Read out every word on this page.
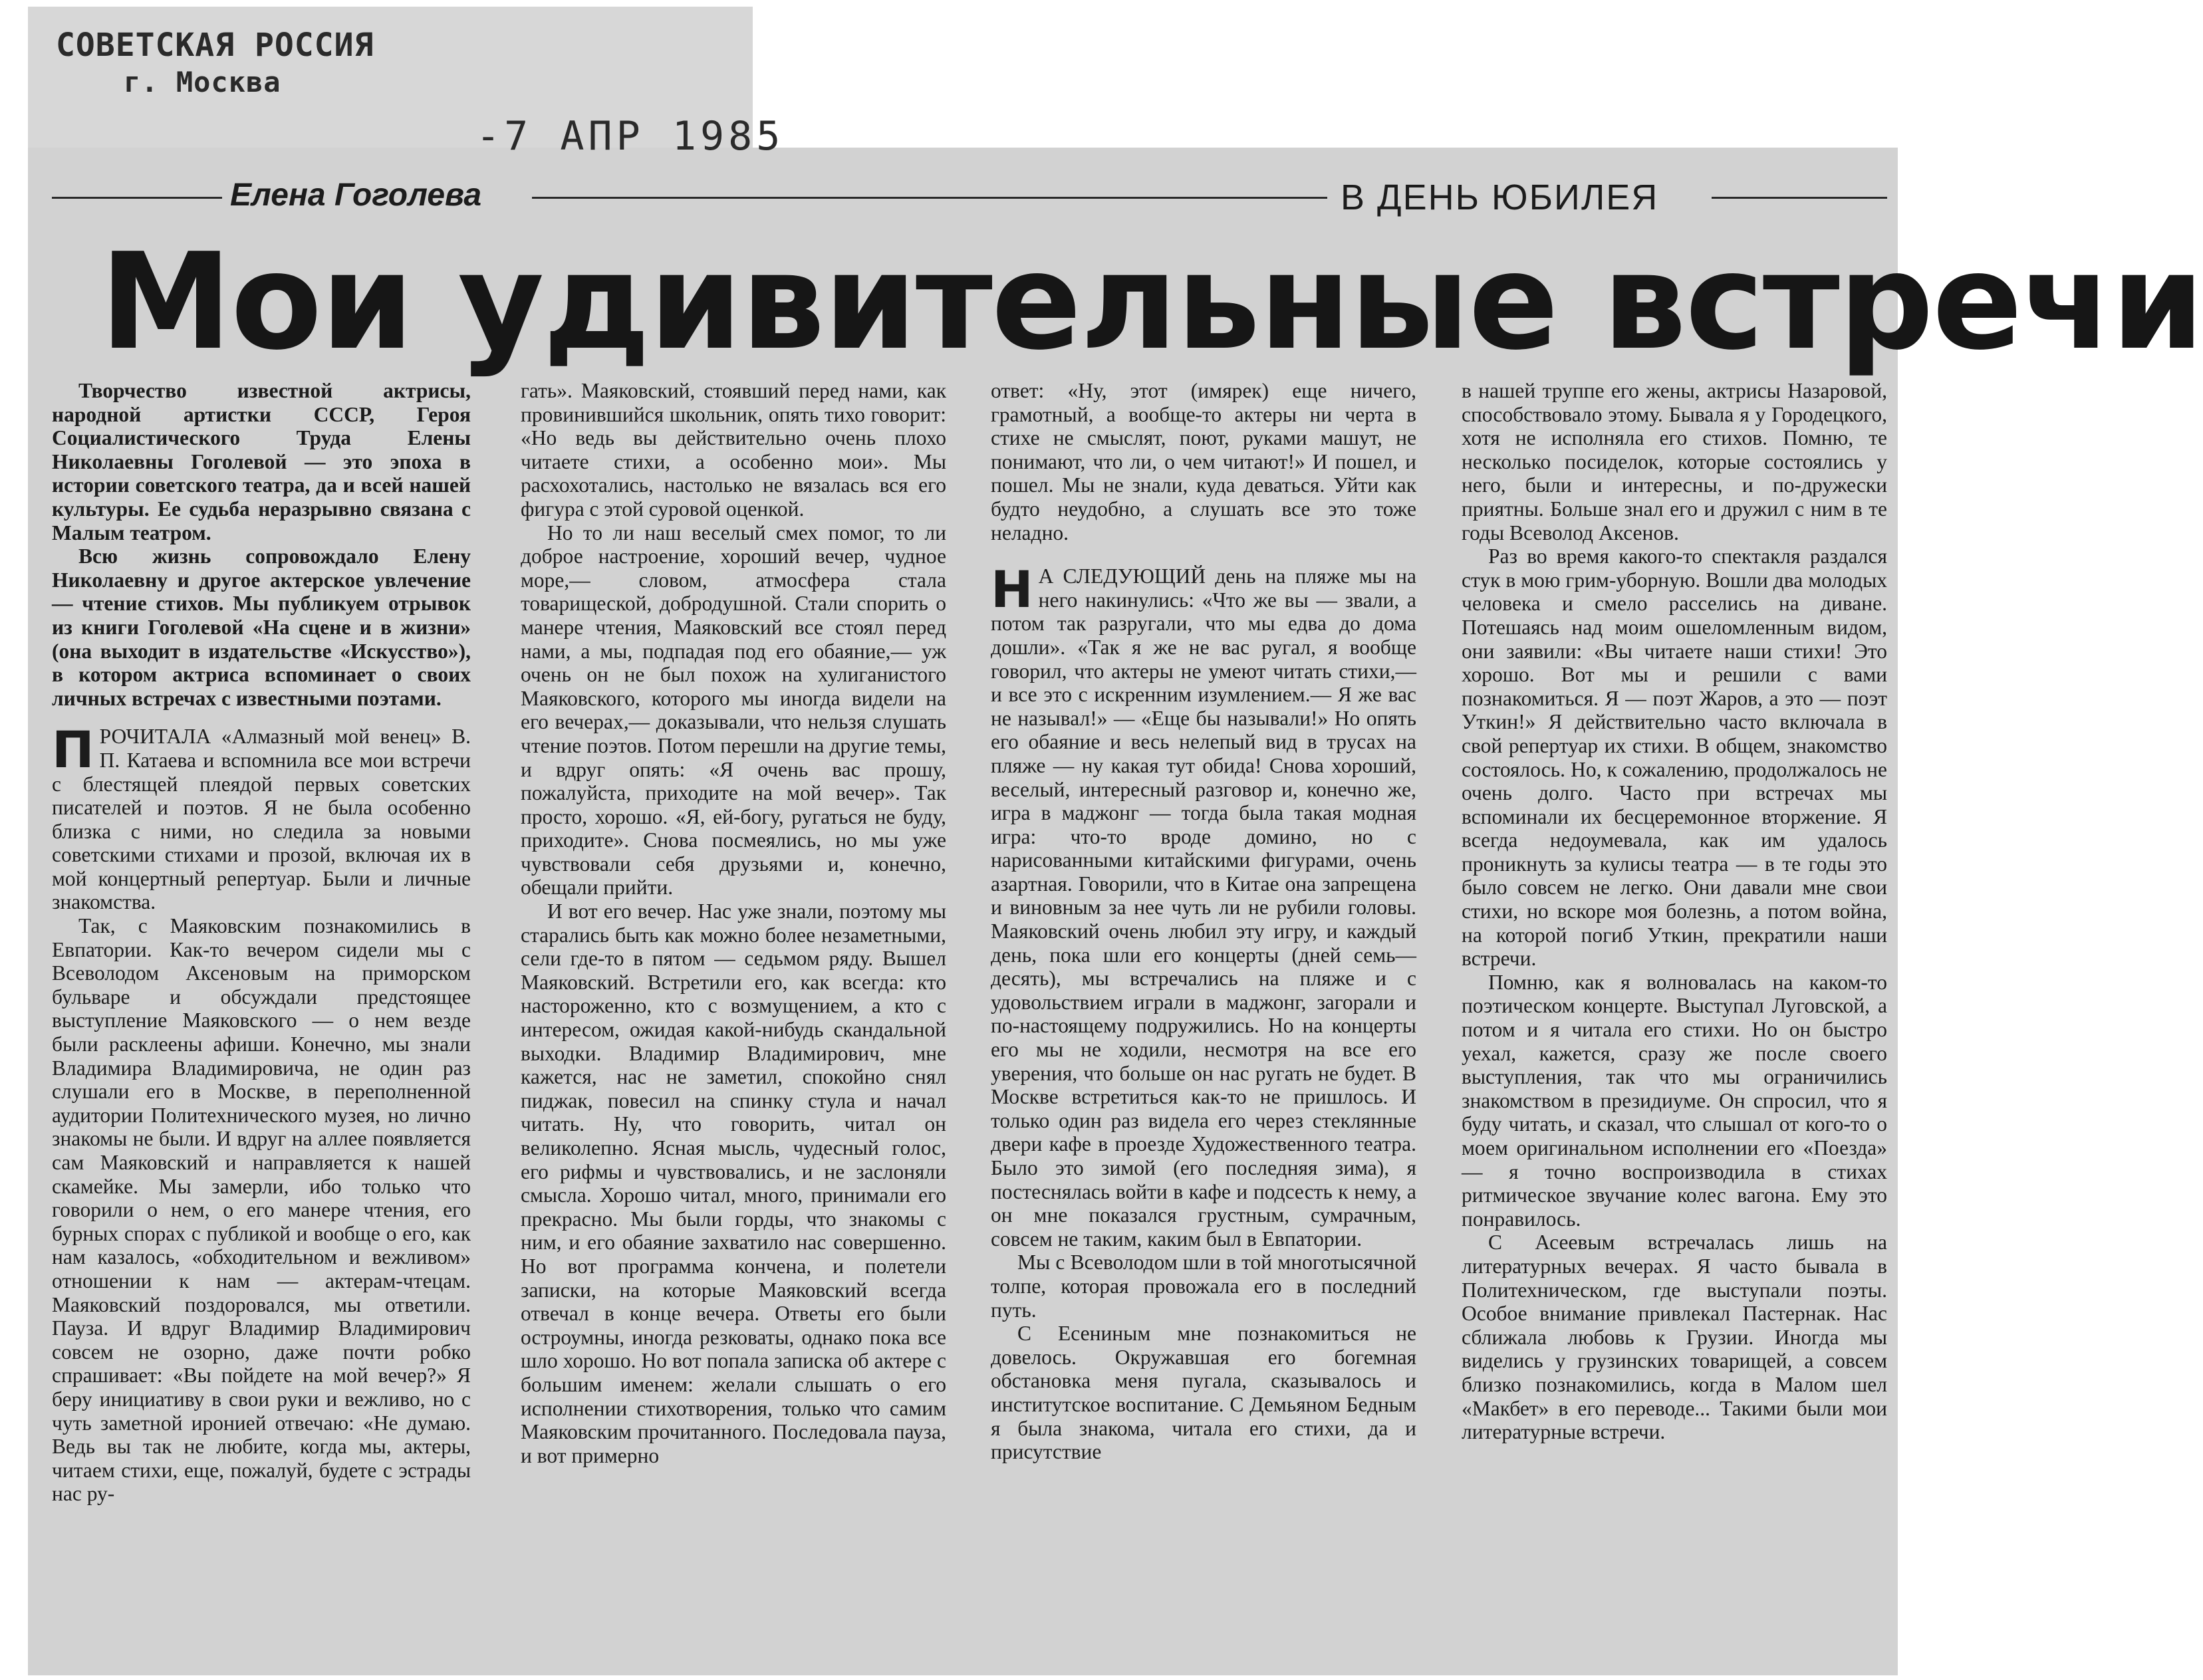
СОВЕТСКАЯ РОССИЯ
г. Москва
-7 АПР 1985
Елена Гоголева	В ДЕНЬ ЮБИЛЕЯ
Мои удивительные встречи

Творчество известной актрисы, народной артистки СССР, Героя Социалистического Труда Елены Николаевны Гоголевой — это эпоха в истории советского театра, да и всей нашей культуры. Ее судьба неразрывно связана с Малым театром.

Всю жизнь сопровождало Елену Николаевну и другое актерское увлечение — чтение стихов. Мы публикуем отрывок из книги Гоголевой «На сцене и в жизни» (она выходит в издательстве «Искусство»), в котором актриса вспоминает о своих личных встречах с известными поэтами.

ПРОЧИТАЛА «Алмазный мой венец» В. П. Катаева и вспомнила все мои встречи с блестящей плеядой первых советских писателей и поэтов. Я не была особенно близка с ними, но следила за новыми советскими стихами и прозой, включая их в мой концертный репертуар. Были и личные знакомства.

Так, с Маяковским познакомились в Евпатории. Как-то вечером сидели мы с Всеволодом Аксеновым на приморском бульваре и обсуждали предстоящее выступление Маяковского — о нем везде были расклеены афиши. Конечно, мы знали Владимира Владимировича, не один раз слушали его в Москве, в переполненной аудитории Политехнического музея, но лично знакомы не были. И вдруг на аллее появляется сам Маяковский и направляется к нашей скамейке. Мы замерли, ибо только что говорили о нем, о его манере чтения, его бурных спорах с публикой и вообще о его, как нам казалось, «обходительном и вежливом» отношении к нам — актерам-чтецам. Маяковский поздоровался, мы ответили. Пауза. И вдруг Владимир Владимирович совсем не озорно, даже почти робко спрашивает: «Вы пойдете на мой вечер?» Я беру инициативу в свои руки и вежливо, но с чуть заметной иронией отвечаю: «Не думаю. Ведь вы так не любите, когда мы, актеры, читаем стихи, еще, пожалуй, будете с эстрады нас ру-

гать». Маяковский, стоявший перед нами, как провинившийся школьник, опять тихо говорит: «Но ведь вы действительно очень плохо читаете стихи, а особенно мои». Мы расхохотались, настолько не вязалась вся его фигура с этой суровой оценкой.

Но то ли наш веселый смех помог, то ли доброе настроение, хороший вечер, чудное море,— словом, атмосфера стала товарищеской, добродушной. Стали спорить о манере чтения, Маяковский все стоял перед нами, а мы, подпадая под его обаяние,— уж очень он не был похож на хулиганистого Маяковского, которого мы иногда видели на его вечерах,— доказывали, что нельзя слушать чтение поэтов. Потом перешли на другие темы, и вдруг опять: «Я очень вас прошу, пожалуйста, приходите на мой вечер». Так просто, хорошо. «Я, ей-богу, ругаться не буду, приходите». Снова посмеялись, но мы уже чувствовали себя друзьями и, конечно, обещали прийти.

И вот его вечер. Нас уже знали, поэтому мы старались быть как можно более незаметными, сели где-то в пятом — седьмом ряду. Вышел Маяковский. Встретили его, как всегда: кто настороженно, кто с возмущением, а кто с интересом, ожидая какой-нибудь скандальной выходки. Владимир Владимирович, мне кажется, нас не заметил, спокойно снял пиджак, повесил на спинку стула и начал читать. Ну, что говорить, читал он великолепно. Ясная мысль, чудесный голос, его рифмы и чувствовались, и не заслоняли смысла. Хорошо читал, много, принимали его прекрасно. Мы были горды, что знакомы с ним, и его обаяние захватило нас совершенно. Но вот программа кончена, и полетели записки, на которые Маяковский всегда отвечал в конце вечера. Ответы его были остроумны, иногда резковаты, однако пока все шло хорошо. Но вот попала записка об актере с большим именем: желали слышать о его исполнении стихотворения, только что самим Маяковским прочитанного. Последовала пауза, и вот примерно

ответ: «Ну, этот (имярек) еще ничего, грамотный, а вообще-то актеры ни черта в стихе не смыслят, поют, руками машут, не понимают, что ли, о чем читают!» И пошел, и пошел. Мы не знали, куда деваться. Уйти как будто неудобно, а слушать все это тоже неладно.

Н А СЛЕДУЮЩИЙ день на пляже мы на него накинулись: «Что же вы — звали, а потом так разругали, что мы едва до дома дошли». «Так я же не вас ругал, я вообще говорил, что актеры не умеют читать стихи,— и все это с искренним изумлением.— Я же вас не называл!» — «Еще бы называли!» Но опять его обаяние и весь нелепый вид в трусах на пляже — ну какая тут обида! Снова хороший, веселый, интересный разговор и, конечно же, игра в маджонг — тогда была такая модная игра: что-то вроде домино, но с нарисованными китайскими фигурами, очень азартная. Говорили, что в Китае она запрещена и виновным за нее чуть ли не рубили головы. Маяковский очень любил эту игру, и каждый день, пока шли его концерты (дней семь—десять), мы встречались на пляже и с удовольствием играли в маджонг, загорали и по-настоящему подружились. Но на концерты его мы не ходили, несмотря на все его уверения, что больше он нас ругать не будет. В Москве встретиться как-то не пришлось. И только один раз видела его через стеклянные двери кафе в проезде Художественного театра. Было это зимой (его последняя зима), я постеснялась войти в кафе и подсесть к нему, а он мне показался грустным, сумрачным, совсем не таким, каким был в Евпатории.

Мы с Всеволодом шли в той многотысячной толпе, которая провожала его в последний путь.

С Есениным мне познакомиться не довелось. Окружавшая его богемная обстановка меня пугала, сказывалось и институтское воспитание. С Демьяном Бедным я была знакома, читала его стихи, да и присутствие

в нашей труппе его жены, актрисы Назаровой, способствовало этому. Бывала я у Городецкого, хотя не исполняла его стихов. Помню, те несколько посиделок, которые состоялись у него, были и интересны, и по-дружески приятны. Больше знал его и дружил с ним в те годы Всеволод Аксенов.

Раз во время какого-то спектакля раздался стук в мою грим-уборную. Вошли два молодых человека и смело расселись на диване. Потешаясь над моим ошеломленным видом, они заявили: «Вы читаете наши стихи! Это хорошо. Вот мы и решили с вами познакомиться. Я — поэт Жаров, а это — поэт Уткин!» Я действительно часто включала в свой репертуар их стихи. В общем, знакомство состоялось. Но, к сожалению, продолжалось не очень долго. Часто при встречах мы вспоминали их бесцеремонное вторжение. Я всегда недоумевала, как им удалось проникнуть за кулисы театра — в те годы это было совсем не легко. Они давали мне свои стихи, но вскоре моя болезнь, а потом война, на которой погиб Уткин, прекратили наши встречи.

Помню, как я волновалась на каком-то поэтическом концерте. Выступал Луговской, а потом и я читала его стихи. Но он быстро уехал, кажется, сразу же после своего выступления, так что мы ограничились знакомством в президиуме. Он спросил, что я буду читать, и сказал, что слышал от кого-то о моем оригинальном исполнении его «Поезда» — я точно воспроизводила в стихах ритмическое звучание колес вагона. Ему это понравилось.

С Асеевым встречалась лишь на литературных вечерах. Я часто бывала в Политехническом, где выступали поэты. Особое внимание привлекал Пастернак. Нас сближала любовь к Грузии. Иногда мы виделись у грузинских товарищей, а совсем близко познакомились, когда в Малом шел «Макбет» в его переводе... Такими были мои литературные встречи.
